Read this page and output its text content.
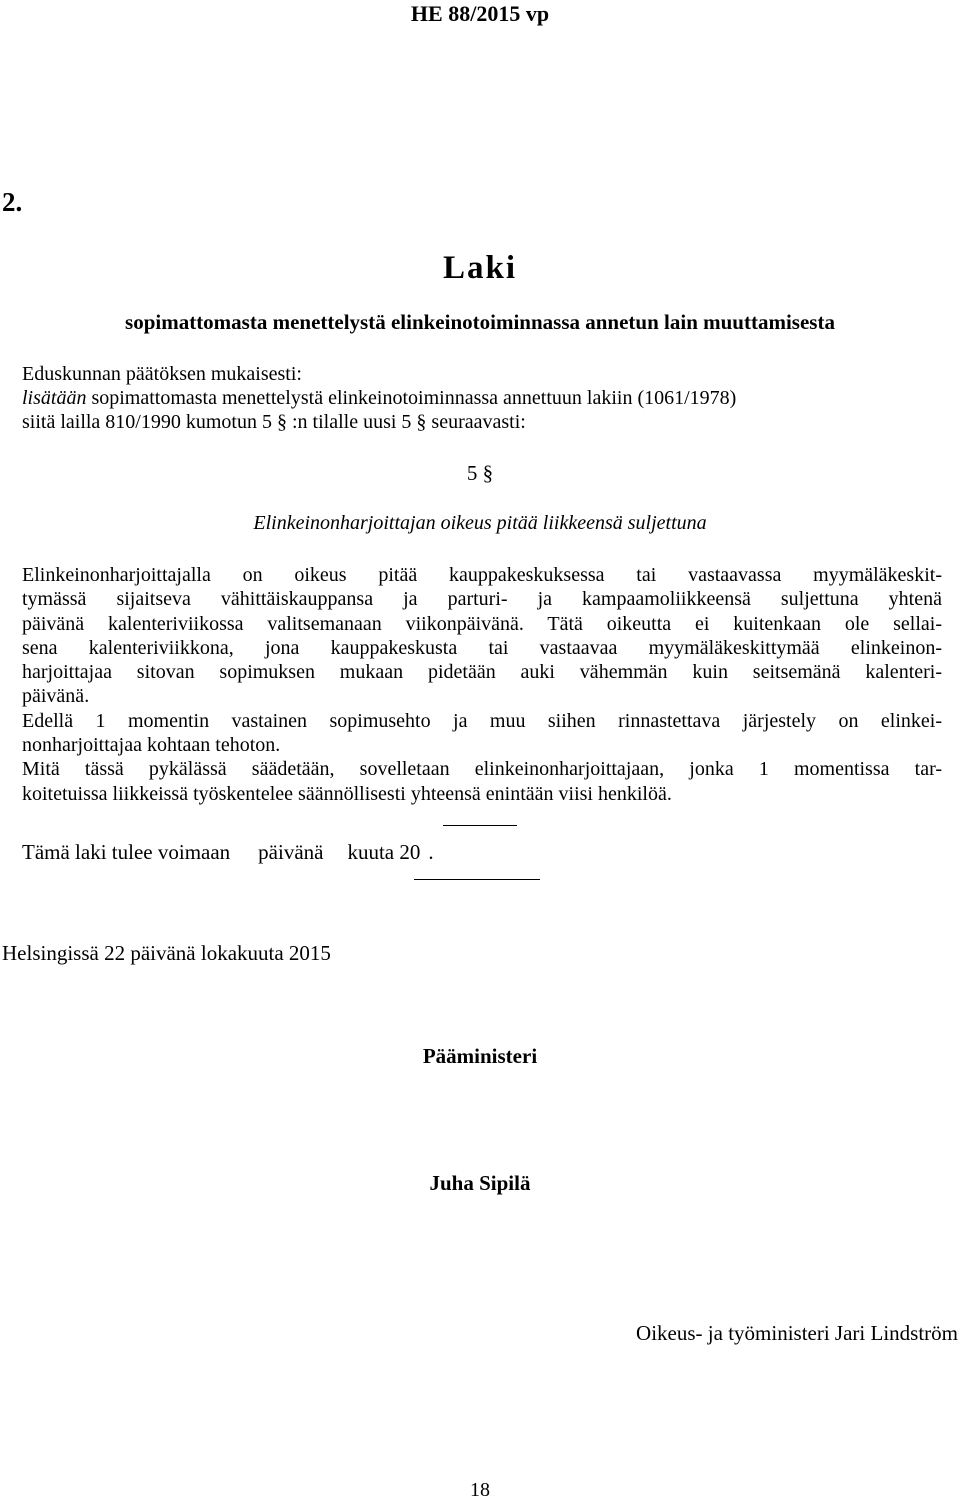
HE 88/2015 vp
2.
Laki
sopimattomasta menettelystä elinkeinotoiminnassa annetun lain muuttamisesta
Eduskunnan päätöksen mukaisesti:
lisätään sopimattomasta menettelystä elinkeinotoiminnassa annettuun lakiin (1061/1978)
siitä lailla 810/1990 kumotun 5 § :n tilalle uusi 5 § seuraavasti:
5 §
Elinkeinonharjoittajan oikeus pitää liikkeensä suljettuna
Elinkeinonharjoittajalla on oikeus pitää kauppakeskuksessa tai vastaavassa myymäläkeskit-
tymässä sijaitseva vähittäiskauppansa ja parturi- ja kampaamoliikkeensä suljettuna yhtenä
päivänä kalenteriviikossa valitsemanaan viikonpäivänä. Tätä oikeutta ei kuitenkaan ole sellai-
sena kalenteriviikkona, jona kauppakeskusta tai vastaavaa myymäläkeskittymää elinkeinon-
harjoittajaa sitovan sopimuksen mukaan pidetään auki vähemmän kuin seitsemänä kalenteri-
päivänä.
Edellä 1 momentin vastainen sopimusehto ja muu siihen rinnastettava järjestely on elinkei-
nonharjoittajaa kohtaan tehoton.
Mitä tässä pykälässä säädetään, sovelletaan elinkeinonharjoittajaan, jonka 1 momentissa tar-
koitetuissa liikkeissä työskentelee säännöllisesti yhteensä enintään viisi henkilöä.
Tämä laki tulee voimaan päivänä kuuta 20 .
Helsingissä 22 päivänä lokakuuta 2015
Pääministeri
Juha Sipilä
Oikeus- ja työministeri Jari Lindström
18
